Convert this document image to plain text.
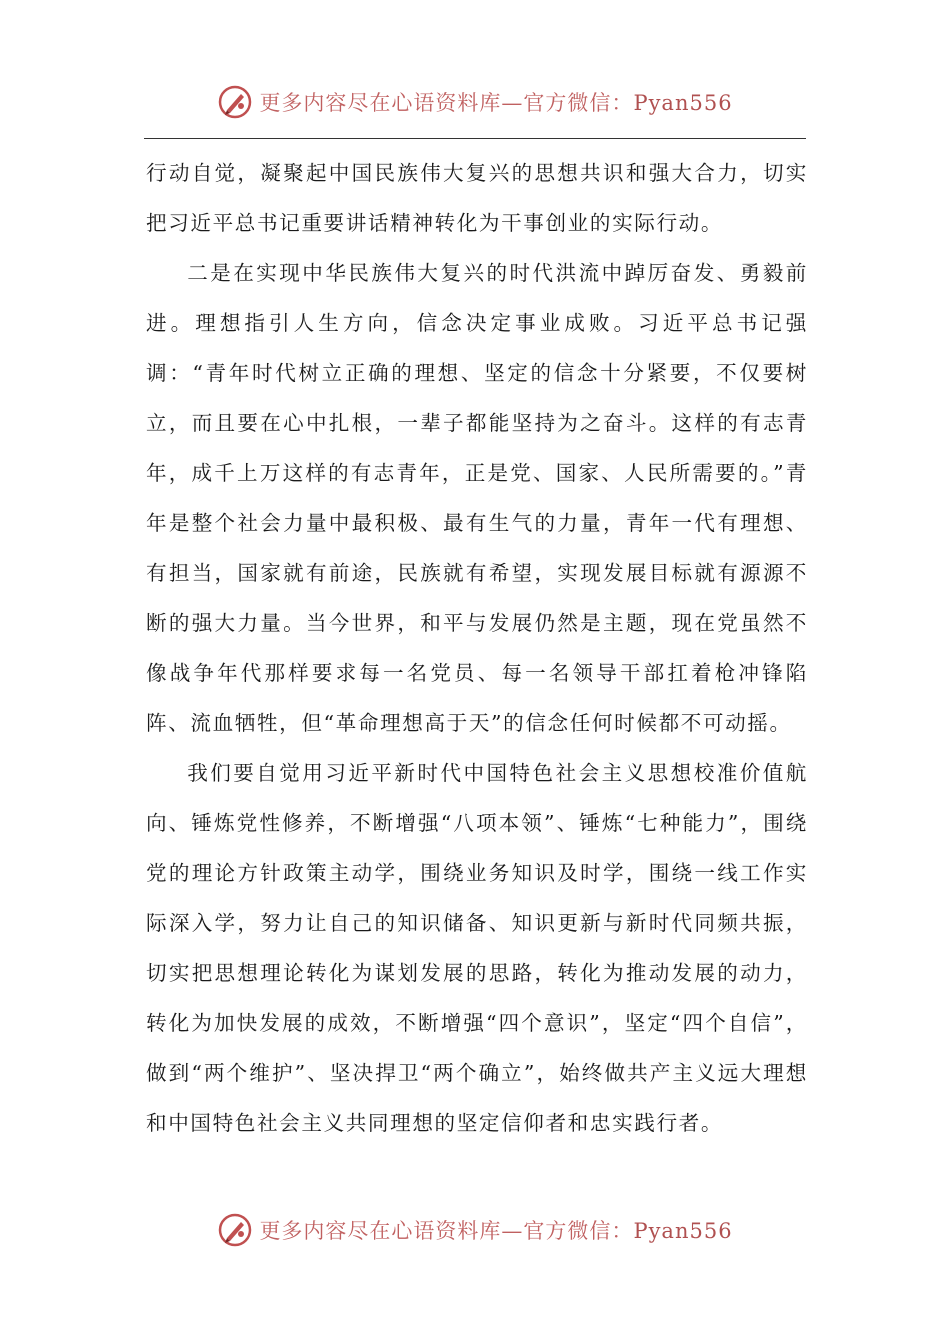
更多内容尽在心语资料库—官方微信：Pyan556

行动自觉，凝聚起中国民族伟大复兴的思想共识和强大合力，切实把习近平总书记重要讲话精神转化为干事创业的实际行动。

二是在实现中华民族伟大复兴的时代洪流中踔厉奋发、勇毅前进。理想指引人生方向，信念决定事业成败。习近平总书记强调：“青年时代树立正确的理想、坚定的信念十分紧要，不仅要树立，而且要在心中扎根，一辈子都能坚持为之奋斗。这样的有志青年，成千上万这样的有志青年，正是党、国家、人民所需要的。”青年是整个社会力量中最积极、最有生气的力量，青年一代有理想、有担当，国家就有前途，民族就有希望，实现发展目标就有源源不断的强大力量。当今世界，和平与发展仍然是主题，现在党虽然不像战争年代那样要求每一名党员、每一名领导干部扛着枪冲锋陷阵、流血牺牲，但“革命理想高于天”的信念任何时候都不可动摇。

我们要自觉用习近平新时代中国特色社会主义思想校准价值航向、锤炼党性修养，不断增强“八项本领”、锤炼“七种能力”，围绕党的理论方针政策主动学，围绕业务知识及时学，围绕一线工作实际深入学，努力让自己的知识储备、知识更新与新时代同频共振，切实把思想理论转化为谋划发展的思路，转化为推动发展的动力，转化为加快发展的成效，不断增强“四个意识”，坚定“四个自信”，做到“两个维护”、坚决捍卫“两个确立”，始终做共产主义远大理想和中国特色社会主义共同理想的坚定信仰者和忠实践行者。

更多内容尽在心语资料库—官方微信：Pyan556
